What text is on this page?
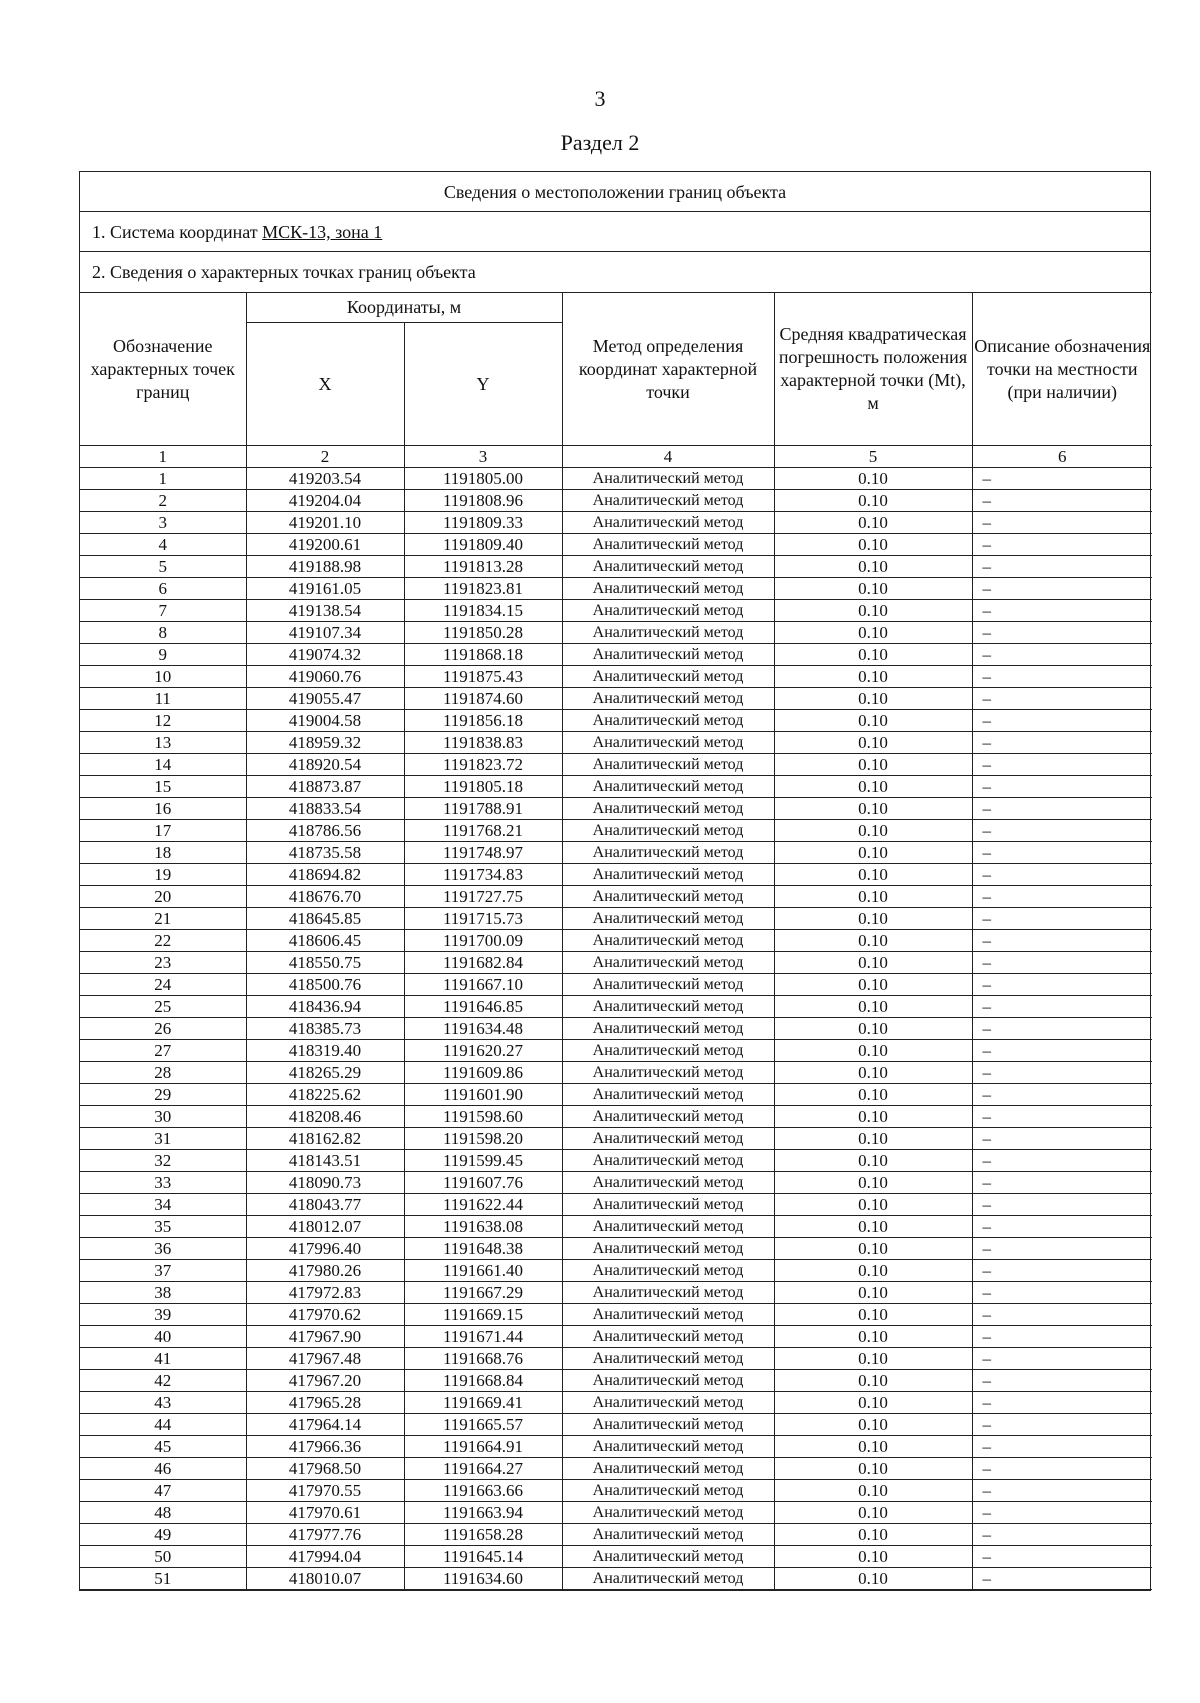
3
Раздел 2
Сведения о местоположении границ объекта
1. Система координат МСК-13, зона 1
2. Сведения о характерных точках границ объекта
Обозначение характерных точек границ	Координаты, м		Метод определения координат характерной точки	Средняя квадратическая погрешность положения характерной точки (Mt), м	Описание обозначения точки на местности (при наличии)
	X	Y			
1	2	3	4	5	6
1	419203.54	1191805.00	Аналитический метод	0.10	–
2	419204.04	1191808.96	Аналитический метод	0.10	–
3	419201.10	1191809.33	Аналитический метод	0.10	–
4	419200.61	1191809.40	Аналитический метод	0.10	–
5	419188.98	1191813.28	Аналитический метод	0.10	–
6	419161.05	1191823.81	Аналитический метод	0.10	–
7	419138.54	1191834.15	Аналитический метод	0.10	–
8	419107.34	1191850.28	Аналитический метод	0.10	–
9	419074.32	1191868.18	Аналитический метод	0.10	–
10	419060.76	1191875.43	Аналитический метод	0.10	–
11	419055.47	1191874.60	Аналитический метод	0.10	–
12	419004.58	1191856.18	Аналитический метод	0.10	–
13	418959.32	1191838.83	Аналитический метод	0.10	–
14	418920.54	1191823.72	Аналитический метод	0.10	–
15	418873.87	1191805.18	Аналитический метод	0.10	–
16	418833.54	1191788.91	Аналитический метод	0.10	–
17	418786.56	1191768.21	Аналитический метод	0.10	–
18	418735.58	1191748.97	Аналитический метод	0.10	–
19	418694.82	1191734.83	Аналитический метод	0.10	–
20	418676.70	1191727.75	Аналитический метод	0.10	–
21	418645.85	1191715.73	Аналитический метод	0.10	–
22	418606.45	1191700.09	Аналитический метод	0.10	–
23	418550.75	1191682.84	Аналитический метод	0.10	–
24	418500.76	1191667.10	Аналитический метод	0.10	–
25	418436.94	1191646.85	Аналитический метод	0.10	–
26	418385.73	1191634.48	Аналитический метод	0.10	–
27	418319.40	1191620.27	Аналитический метод	0.10	–
28	418265.29	1191609.86	Аналитический метод	0.10	–
29	418225.62	1191601.90	Аналитический метод	0.10	–
30	418208.46	1191598.60	Аналитический метод	0.10	–
31	418162.82	1191598.20	Аналитический метод	0.10	–
32	418143.51	1191599.45	Аналитический метод	0.10	–
33	418090.73	1191607.76	Аналитический метод	0.10	–
34	418043.77	1191622.44	Аналитический метод	0.10	–
35	418012.07	1191638.08	Аналитический метод	0.10	–
36	417996.40	1191648.38	Аналитический метод	0.10	–
37	417980.26	1191661.40	Аналитический метод	0.10	–
38	417972.83	1191667.29	Аналитический метод	0.10	–
39	417970.62	1191669.15	Аналитический метод	0.10	–
40	417967.90	1191671.44	Аналитический метод	0.10	–
41	417967.48	1191668.76	Аналитический метод	0.10	–
42	417967.20	1191668.84	Аналитический метод	0.10	–
43	417965.28	1191669.41	Аналитический метод	0.10	–
44	417964.14	1191665.57	Аналитический метод	0.10	–
45	417966.36	1191664.91	Аналитический метод	0.10	–
46	417968.50	1191664.27	Аналитический метод	0.10	–
47	417970.55	1191663.66	Аналитический метод	0.10	–
48	417970.61	1191663.94	Аналитический метод	0.10	–
49	417977.76	1191658.28	Аналитический метод	0.10	–
50	417994.04	1191645.14	Аналитический метод	0.10	–
51	418010.07	1191634.60	Аналитический метод	0.10	–
